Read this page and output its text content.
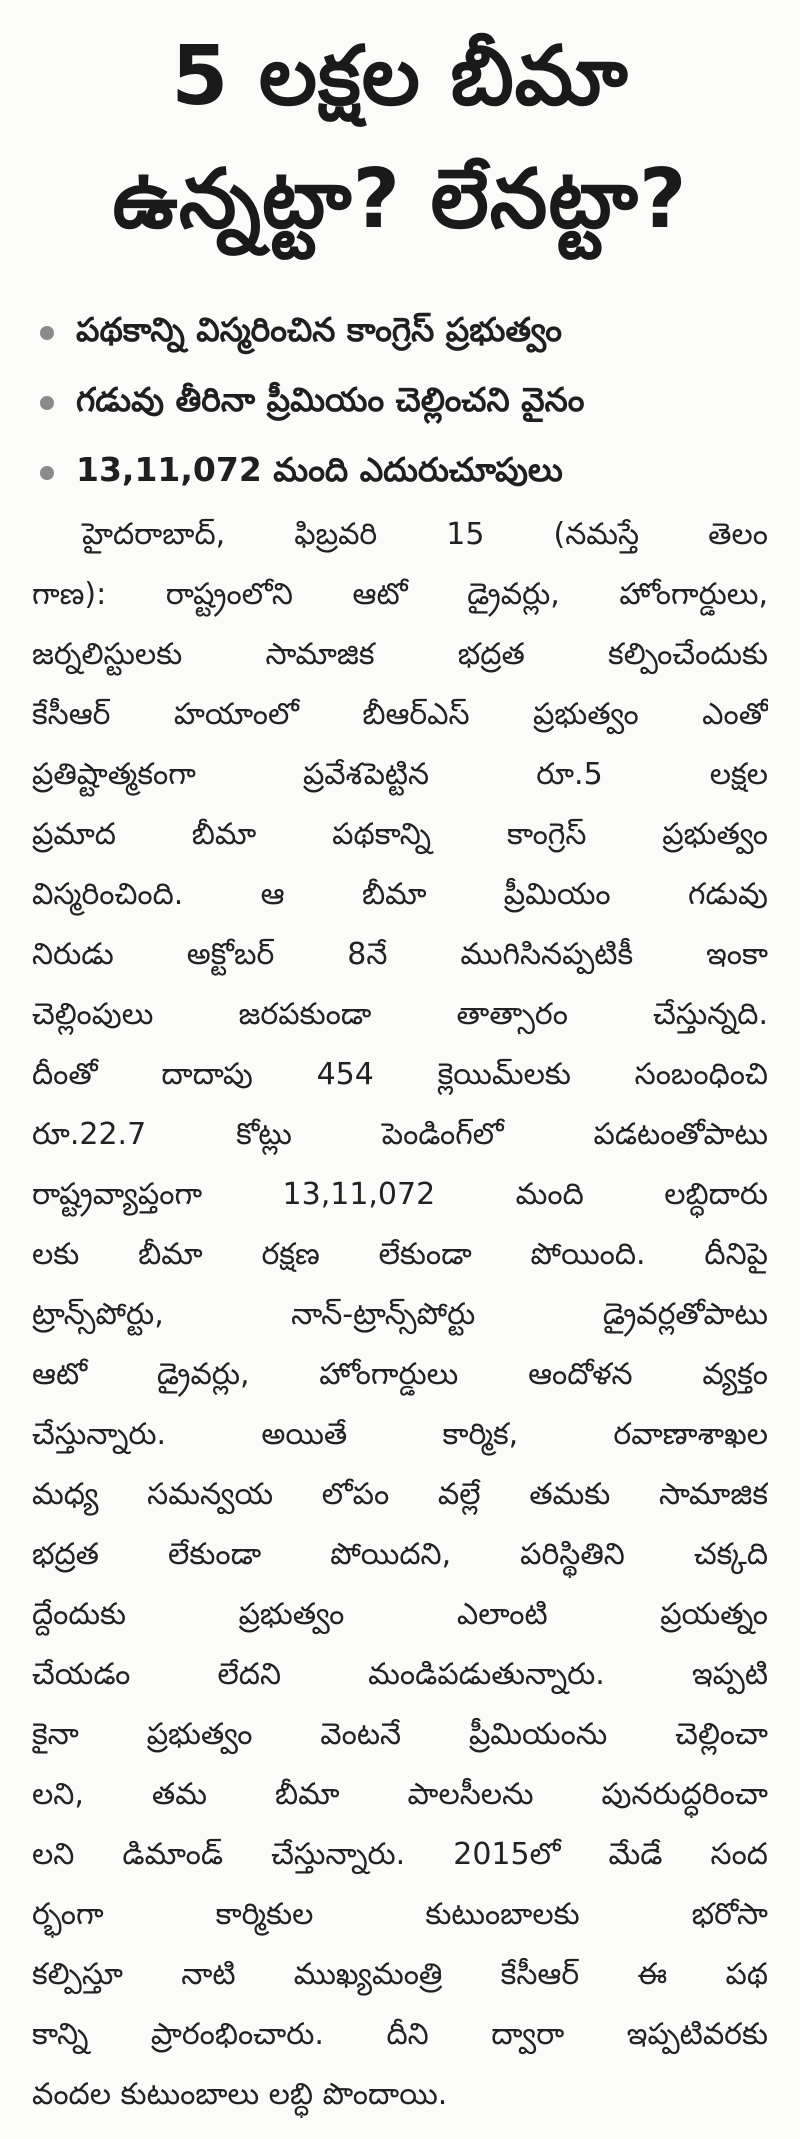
5 లక్షల బీమా
ఉన్నట్టా? లేనట్టా?
పథకాన్ని విస్మరించిన కాంగ్రెస్ ప్రభుత్వం
గడువు తీరినా ప్రీమియం చెల్లించని వైనం
13,11,072 మంది ఎదురుచూపులు
హైదరాబాద్, ఫిబ్రవరి 15 (నమస్తే తెలం
గాణ): రాష్ట్రంలోని ఆటో డ్రైవర్లు, హోంగార్డులు,
జర్నలిస్టులకు సామాజిక భద్రత కల్పించేందుకు
కేసీఆర్ హయాంలో బీఆర్ఎస్ ప్రభుత్వం ఎంతో
ప్రతిష్టాత్మకంగా ప్రవేశపెట్టిన రూ.5 లక్షల
ప్రమాద బీమా పథకాన్ని కాంగ్రెస్ ప్రభుత్వం
విస్మరించింది. ఆ బీమా ప్రీమియం గడువు
నిరుడు అక్టోబర్ 8నే ముగిసినప్పటికీ ఇంకా
చెల్లింపులు జరపకుండా తాత్సారం చేస్తున్నది.
దీంతో దాదాపు 454 క్లెయిమ్‌లకు సంబంధించి
రూ.22.7 కోట్లు పెండింగ్‌లో పడటంతోపాటు
రాష్ట్రవ్యాప్తంగా 13,11,072 మంది లబ్ధిదారు
లకు బీమా రక్షణ లేకుండా పోయింది. దీనిపై
ట్రాన్స్‌పోర్టు, నాన్-ట్రాన్స్‌పోర్టు డ్రైవర్లతోపాటు
ఆటో డ్రైవర్లు, హోంగార్డులు ఆందోళన వ్యక్తం
చేస్తున్నారు. అయితే కార్మిక, రవాణాశాఖల
మధ్య సమన్వయ లోపం వల్లే తమకు సామాజిక
భద్రత లేకుండా పోయిదని, పరిస్థితిని చక్కది
ద్దేందుకు ప్రభుత్వం ఎలాంటి ప్రయత్నం
చేయడం లేదని మండిపడుతున్నారు. ఇప్పటి
కైనా ప్రభుత్వం వెంటనే ప్రీమియంను చెల్లించా
లని, తమ బీమా పాలసీలను పునరుద్ధరించా
లని డిమాండ్ చేస్తున్నారు. 2015లో మేడే సంద
ర్భంగా కార్మికుల కుటుంబాలకు భరోసా
కల్పిస్తూ నాటి ముఖ్యమంత్రి కేసీఆర్ ఈ పథ
కాన్ని ప్రారంభించారు. దీని ద్వారా ఇప్పటివరకు
వందల కుటుంబాలు లబ్ధి పొందాయి.
